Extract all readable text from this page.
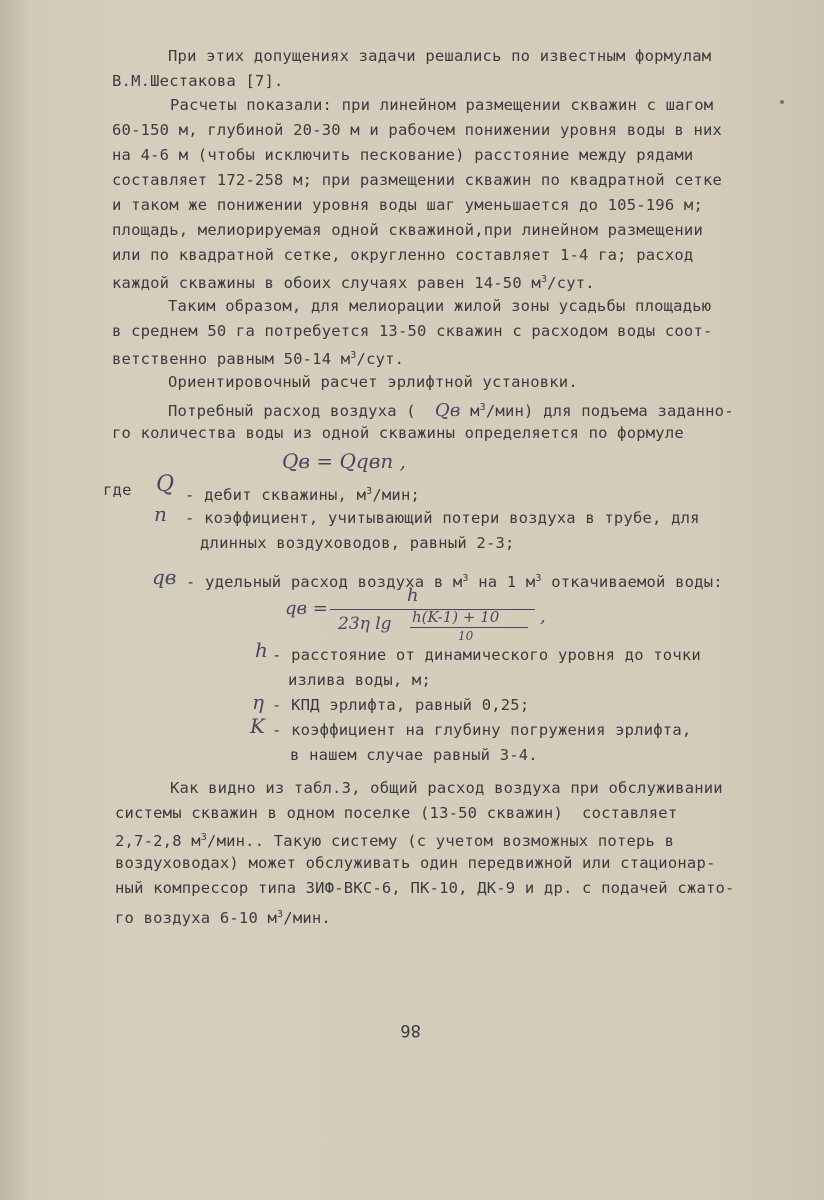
При этих допущениях задачи решались по известным формулам
В.М.Шестакова [7].
Расчеты показали: при линейном размещении скважин с шагом
60-150 м, глубиной 20-30 м и рабочем понижении уровня воды в них
на 4-6 м (чтобы исключить пескование) расстояние между рядами
составляет 172-258 м; при размещении скважин по квадратной сетке
и таком же понижении уровня воды шаг уменьшается до 105-196 м;
площадь, мелиорируемая одной скважиной,при линейном размещении
или по квадратной сетке, округленно составляет 1-4 га; расход
каждой скважины в обоих случаях равен 14-50 $м^3$/сут.
Таким образом, для мелиорации жилой зоны усадьбы площадью
в среднем 50 га потребуется 13-50 скважин с расходом воды соот-
ветственно равным 50-14 $м^3$/сут.
Ориентировочный расчет эрлифтной установки.
Потребный расход воздуха ( Qв $м^3/мин$) для подъема заданно-
го количества воды из одной скважины определяется по формуле
Qв = Qqвn ,
где Q - дебит скважины, $м^3$/мин;
n - коэффициент, учитывающий потери воздуха в трубе, для
длинных воздуховодов, равный 2-3;
qв - удельный расход воздуха в $м^3$ на 1 $м^3$ откачиваемой воды:
qв =
h
23η lg h(K-1) + 10
10
,
h - расстояние от динамического уровня до точки
излива воды, м;
η - КПД эрлифта, равный 0,25;
K - коэффициент на глубину погружения эрлифта,
в нашем случае равный 3-4.
Как видно из табл.3, общий расход воздуха при обслуживании
системы скважин в одном поселке (13-50 скважин)  составляет
2,7-2,8 $м^3$/мин.. Такую систему (с учетом возможных потерь в
воздуховодах) может обслуживать один передвижной или стационар-
ный компрессор типа ЗИФ-ВКС-6, ПК-10, ДК-9 и др. с подачей сжато-
го воздуха 6-10 $м^3$/мин.
86
